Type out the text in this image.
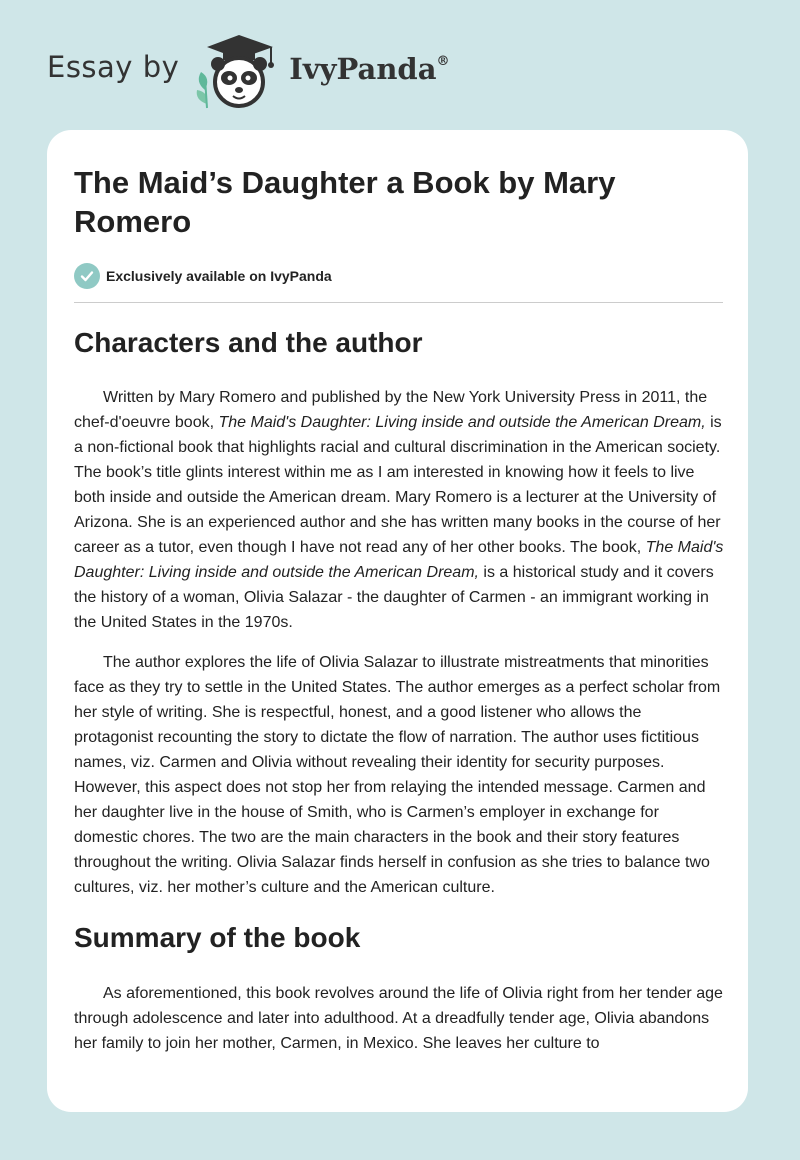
Essay by	IvyPanda®
The Maid’s Daughter a Book by Mary Romero
Exclusively available on IvyPanda
Characters and the author

Written by Mary Romero and published by the New York University Press in 2011, the chef-d'oeuvre book, The Maid's Daughter: Living inside and outside the American Dream, is a non-fictional book that highlights racial and cultural discrimination in the American society. The book’s title glints interest within me as I am interested in knowing how it feels to live both inside and outside the American dream. Mary Romero is a lecturer at the University of Arizona. She is an experienced author and she has written many books in the course of her career as a tutor, even though I have not read any of her other books. The book, The Maid's Daughter: Living inside and outside the American Dream, is a historical study and it covers the history of a woman, Olivia Salazar - the daughter of Carmen - an immigrant working in the United States in the 1970s.

The author explores the life of Olivia Salazar to illustrate mistreatments that minorities face as they try to settle in the United States. The author emerges as a perfect scholar from her style of writing. She is respectful, honest, and a good listener who allows the protagonist recounting the story to dictate the flow of narration. The author uses fictitious names, viz. Carmen and Olivia without revealing their identity for security purposes. However, this aspect does not stop her from relaying the intended message. Carmen and her daughter live in the house of Smith, who is Carmen’s employer in exchange for domestic chores. The two are the main characters in the book and their story features throughout the writing. Olivia Salazar finds herself in confusion as she tries to balance two cultures, viz. her mother’s culture and the American culture.

Summary of the book

As aforementioned, this book revolves around the life of Olivia right from her tender age through adolescence and later into adulthood. At a dreadfully tender age, Olivia abandons her family to join her mother, Carmen, in Mexico. She leaves her culture to
